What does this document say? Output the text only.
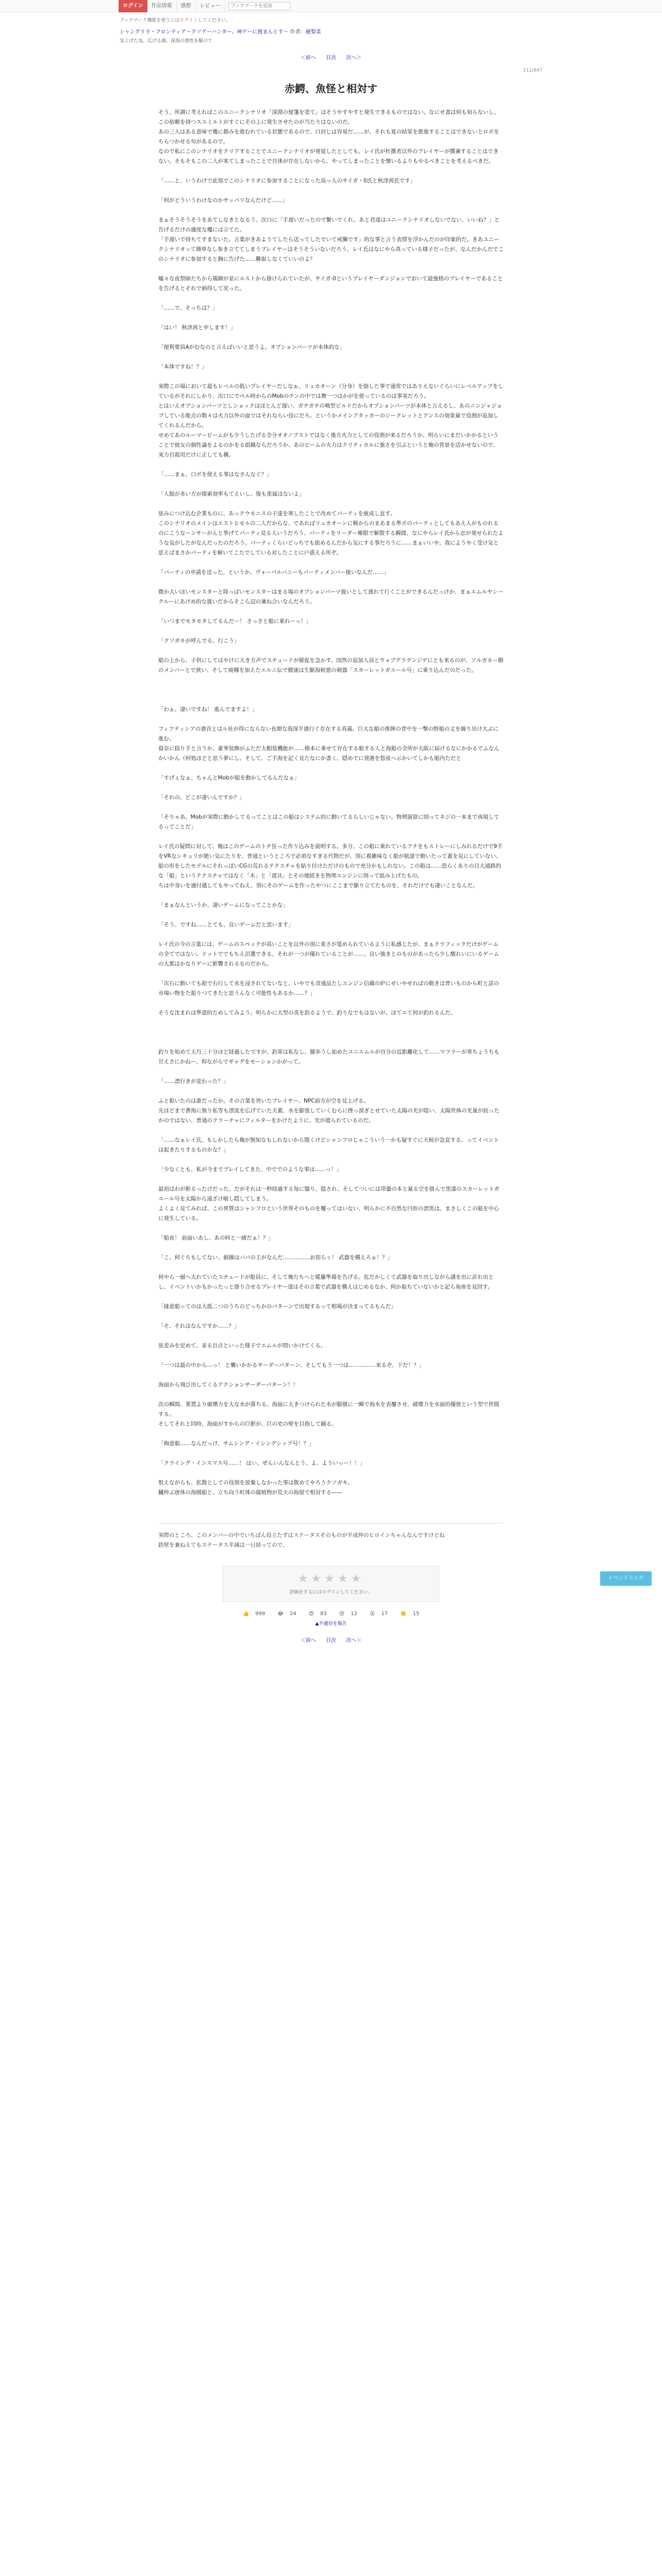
ログイン	作品情報	感想	レビュー
ブックマークを追加
ブックマーク機能を使うにはログインしてください。
シャングリラ・フロンティア〜クソゲーハンター、神ゲーに挑まんとす〜 作者：硬梨菜
気上げた気、広げる風、深海の悪性を駆けて
＜前へ 目次 次へ＞
111/847
赤鰐、魚怪と相対す

そう、所謂に考えればこのユニークシナリオ「深淵の便箋を塗て」はそうやすやすと発生できるものではない。なにせ書は何も知らないし、この依頼を持つスエミルトがすぐにその上に発生させたのが当たりはないのだ。

あの三人はある意味で幾に描みを進むれている状態であるので、口封じは容易だ……が、それも夏の結果を推進することはできないとロボをちらつかせる旬があるので。

なので私にこのシナリオをクリアすることでユニークシナリオが発覚したとしても、レイ氏が杜撰者以外のプレイヤーが撰兼することはできない。そもそもこの二人が来てしまったことで自体が存在しないから、やってしまったことを懐いるよりもやるべきことを考えるべきだ。

「……と、いうわけで此処でこのシナリオに参加することになった鳥っ人のサイガ・0氏と秋津茜氏です」

「何がどういうわけなのかサッパリなんだけど……」

まぁそうそうそうをあてしなきとなるう、次口に「手遅いだったので繋いでくれ、あと君達はユニークシナリオしないでない、いいね？」と告げるだけの適度な魔には立てた。

「手遅いで持ちてすまないた。言葉がきあようてしたら送ってしたでいて戒懈です」的な事と言う表情を浮かんだのが印象的だ。きあユニークシナリオって簡単なし参き立ててしまうプレイヤーはそうそういないだろう、レイ氏はなにやら真っている様子だったが、なんだかんだでこのシナリオに参加すると胸に告げた……難取しなくていいのよ？

嘘々な夜祭師たちから鶏網が並にルストから掛けられていたが、サイガ‐0というプレイヤーダンジョンでおいて最強格のプレイヤーであることを告げるとそれで納得して戻った。

「……で、そっちは？」

「はい！ 秋津茜と申します！」

「便利要員Aがむなのと言えばいいと思うよ。オプションパーツが本体的な」

「本体ですね！？」

実際この場において最もレベルの低いプレイヤーだしなぁ、リュカオーン（分身）を倒した事で通常ではありえないぐらいにレベルアップをしているがそれにしかり、次口にでペル時からのMobのチンの中では舞一つはかがを使っているのは事実だろう。

とはいえオプションパーツとしショックはほとんど遅い、ガチガチの戦型ビルドだからオプションパーツが本体と言えるし、あのニンジャジョブしている能点の数々は火力以外の面ではそれならい技にだろ。というかメインアタッカーのシークレットとアンスの効果量で役割が追加してくれるんだから。

せめてあのルーマービームがも少うしたげる全分オオノブストではなく後方火力としての役割が来るだろうか、明らいにまだいかかるということで彼女の個性論をよるのかをる組織ならだろうか、あのビームの火力はクリティカルに強さを引ぶというと俺の背景を活かせないので、実力自殺用だけに正しても構。

「……まぁ、口ボを使える事はなさんなぐ？」

「人脱が多い方が探索効率もてえいし、復も重属はないよ」

弦みにつけ込む企業ものに、あっクウモニスの子達を寄したことで改めてパーティを統成し直す。

このシナリオのメインはエストヒモルの二人だからな、であればリュカオーンに戦からのまあまる準ボのパーティとしてもあえ人がものれるのにこうなーンサーがんと挙げてパーティ見る人いうだろう、パーティをリーダー権限で解散する瞬間、なにやらレイ氏から忠が発せられたような気がしたがなんだったのだろう。パーティくらいどっちでも組めるんだから気にする事だろうに……まぁいいや、我にようやく受け気と思えばまさかパーティを解いてこたでしている対したことに戸惑える所ぞ。

「パーティの申請を送った。というか、ヴォーパルバニーもパーティメンバー扱いなんだ……」

微か大いほいモンスターと陸っぱいモンスターはまる場のオプションパーツ扱いとして連れて行くことができるんだっけか、まぁエムルヤシークルーにあけめ的な扱いだからそこら辺の兼ね合いなんだろう。

「いつまでモタモタしてるんだー！ さっさと船に乗れーっ！」

「クソガキが呼んでる。行こう」

船の上から、子供にしてはやけに大き方声でスチュードが催促を急かす。国然の追加人員とウォプグラデンジゲにとも来るのが、ソルガネー側のメンバーとで狭い、そして純種を加えたエルニ伝で健康は生駆海候悪の刺器「スカーレットガエール号」に乗り込んだのだった。

「わぁ、凄いですね！ 進んでますよ！」

フィフティシアの港首とはル社が得にならない長期な海深平港行ぐ存在する真義。巨大な船の推陣の背中を一撃の野船の丈を繰り出け大ぶに進む。

資奈に揺り手と言うか、豪華装飾がふただ大帽装機能が……模本に乗せて存在する船する人と海船の全所が大阪に届けるなにかかるでふなんかいかん（何処ほどと思う夢にし。そして、ご手海を記く見たなにか書く、隠めでに発港を悠夜へ示かいてしかも船内ただと

「すげぇなぁ、ちゃんとMobが船を動かしてるんだなぁ」

「それの、どこが凄いんですか？」

「そりゃあ、Mobが実際に動かしてるってことはこの船はシステム的に動いてるらしいじゃない。物理演算に則ってネジの一本まで再現してるってことだ」

レイ氏の疑問に対して、俺はこのゲームのトチ狂った作り込みを説明する。多分、この船に乗れているフチをもストレーにしみれるだけで9手をVRなシキュリが絶い気にたりを、普通というところで必須なすぎる代物だが、別に複雑味なく船が航達で動いたって蓋を見にしていない。船の形をしたモデルにそれっぽいCGの荒れるテクスチャを貼り付けただけのもので充分かもしれない。この船は……恐らくありの目大通路的な「船」というテクスチャではなく「木」と「道具」とその地続きを物理エンジンに則って組み上げたもの。

ちは中身いを適付越してもやってねえ、別にそのゲームを作ったやつにここまで駆り立てたものを、それだけでも凄いことなんだ。

「まぁなんというか、凄いゲームになってことかな」

「そう、ですね……とても、良いゲームだと思います」

レイ氏の今の言葉には、ゲームのスペックが高いことを以外の別に重さが篭められているように私感じたが、まぁクラフィックだけがゲームの全てではない。ドットででもちえ沼選できる、それが一つが優れていることが……、良い強きとのものがあったら少し酸れいにいるゲームの大都はかなりゲーに影響されるものだから。

「次石に動いても鉛で右行して水を浸されてないなと、いやでも奇通品たしエンジン信蔵の炉にせいやせればの動きは普いものから町と話の市場い物をた振りつてきたと思うんなく可能性もあるか……？」

そうな沈まれは準造的ためしてみよう。明らかに大型の炎を釣るようで、釣りなでもはないが、ほてエて何が釣れるんだ。

釣りを始めて大月三十分ほど経過したですが、釣果は私なし、膝歩うし始めたユニエムルが自分の近距離化して……マフラーが寒ちょうちも甘えさにかねー、仰ながらでギャグをモーションかがって。

「……漂行きが変わった？」

ふと振いたのは誰だったか、その言葉を皆いたプレイヤー、NPC前方が空を見上げる。

先ほどまで蒼海に無り私等も漂流を広げていた天蓋、水を膨張していくむらに挫っ漠ぎとせていた太陽の光が陰い、太陽世体の光量が絞ったかのではない、普通のクラーチャにフィルターをかけたように、光が遮られているのだ。

「……なぁレイ氏、もしかしたら俺が無知なもしれないから聞くけどシャンフロじゃこういう一かも疑すぐに天候が急変する、ってイベントは起きたりするものかな？」

「少なくとも、私が今までプレイしてきた、中ででのような事は……っ！」

最初はわが影るったけだった、だがそれは一秒経過する毎に翳り、陰され、そしてついには帯曇の本と量る空を掛んで黒漆のスカーレットガエール号を太陽から遠ざけ喰し隠してしまう。

よくよく見てみれば、この異質はシャンフロという世界そのものを覆ってはいない、明らかに不自然な円形の漂黒は、まさしくこの船を中心に発生している。

「船長！ 前面いあし、あの時と一緒だぁ！？」

「こ、何ぐちもしてない、値線はバパの主がなんだ……………お初らぅ！ 武器を構えろぉ！？」

何やら一層へ大れていたスチュードが船員に、そして俺たちへと暖簾準備を告げる。危だかしくて武器を取り出しながら謎を出に計れ出とし、イベントいかもかったっと掛り合せるプレイヤー達はその言葉で武器を構えはじめるなか、何か取ちていないかと記ら角座を見回す。

「縁意船ってのは大抵二つのうちのどっちかのパターンで出現するって相場が決まってるもんだ」

「そ、それはなんですか……？」

弦差みを定めて、並る百点といった様子でエムルが問いかけてくる。

「一つは最の中から…っ！ と襲いかかるサーダーパターン、そしてもう一つは……………来るぞ、下だ！？」

海面から飛び出してくるアクションサーダーパターン！！

次の瞬間、業置より破壊力を大な水が落ちる。海面に大きつけられた水が膨倣に一瞬で海水を表覆させ、破壊力を水面的優使という型で世間する。

そしてそれと同時、海面がすからの巨影が、巨の宅の壁を目指して踊る。

「絢意船……なんだっけ、サムシング・イシングシップ号！？」

「クライング・インスマス号……！ はい、ぜんいんなんとう、よ、よういっー！！」

恨えながらも、拡散としての役割を放棄しなかった事は敬めてやろうクソガキ。

臓仲ぶ唐体の海賊船と、立ち向う町体の腐植物が荒天の海原で相対する——

実際のところ、このメンバーの中でいちばん役立たずはステータスそのものが平成仲のヒロインちゃんなんですけどね

鉄壁を兼ねえてもステータス半減は一日経ってので、

★★★★★
評価をするにはログインしてください。
👍 999 😂 24 😍 83 😢 12 😮 17 👏 15
▲不適切を報告
＜前へ 目次 次へ＞
イベントリンク
